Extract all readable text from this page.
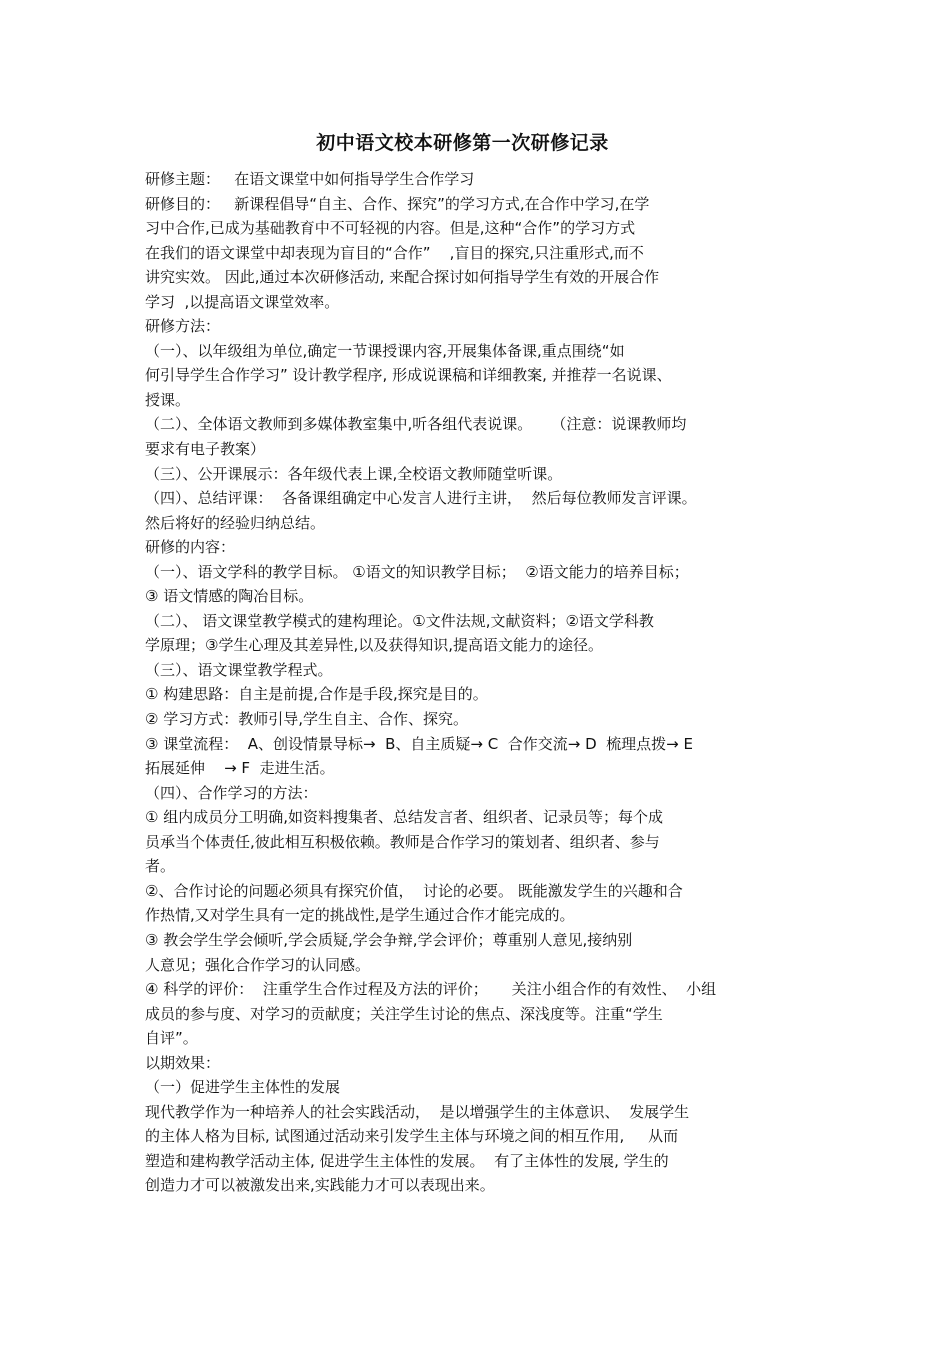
初中语文校本研修第一次研修记录
研修主题：   在语文课堂中如何指导学生合作学习
研修目的：   新课程倡导“自主、合作、探究”的学习方式,在合作中学习,在学
习中合作,已成为基础教育中不可轻视的内容。但是,这种“合作”的学习方式
在我们的语文课堂中却表现为盲目的“合作”    ,盲目的探究,只注重形式,而不
讲究实效。 因此,通过本次研修活动, 来配合探讨如何指导学生有效的开展合作
学习  ,以提高语文课堂效率。
研修方法：
（一）、以年级组为单位,确定一节课授课内容,开展集体备课,重点围绕“如
何引导学生合作学习” 设计教学程序, 形成说课稿和详细教案, 并推荐一名说课、
授课。
（二）、全体语文教师到多媒体教室集中,听各组代表说课。    （注意：说课教师均
要求有电子教案）
（三）、公开课展示：各年级代表上课,全校语文教师随堂听课。
（四）、总结评课：  各备课组确定中心发言人进行主讲，  然后每位教师发言评课。
然后将好的经验归纳总结。
研修的内容：
（一）、语文学科的教学目标。 ①语文的知识教学目标；  ②语文能力的培养目标；
③ 语文情感的陶冶目标。
（二）、 语文课堂教学模式的建构理论。①文件法规,文献资料；②语文学科教
学原理；③学生心理及其差异性,以及获得知识,提高语文能力的途径。
（三）、语文课堂教学程式。
① 构建思路：自主是前提,合作是手段,探究是目的。
② 学习方式：教师引导,学生自主、合作、探究。
③ 课堂流程：  A、创设情景导标→  B、自主质疑→ C  合作交流→ D  梳理点拨→ E
拓展延伸    → F  走进生活。
（四）、合作学习的方法：
① 组内成员分工明确,如资料搜集者、总结发言者、组织者、记录员等；每个成
员承当个体责任,彼此相互积极依赖。教师是合作学习的策划者、组织者、参与
者。
②、合作讨论的问题必须具有探究价值，  讨论的必要。 既能激发学生的兴趣和合
作热情,又对学生具有一定的挑战性,是学生通过合作才能完成的。
③ 教会学生学会倾听,学会质疑,学会争辩,学会评价；尊重别人意见,接纳别
人意见；强化合作学习的认同感。
④ 科学的评价：  注重学生合作过程及方法的评价；     关注小组合作的有效性、  小组
成员的参与度、对学习的贡献度；关注学生讨论的焦点、深浅度等。注重“学生
自评”。
以期效果：
（一）促进学生主体性的发展
现代教学作为一种培养人的社会实践活动，  是以增强学生的主体意识、  发展学生
的主体人格为目标, 试图通过活动来引发学生主体与环境之间的相互作用,     从而
塑造和建构教学活动主体, 促进学生主体性的发展。  有了主体性的发展, 学生的
创造力才可以被激发出来,实践能力才可以表现出来。
